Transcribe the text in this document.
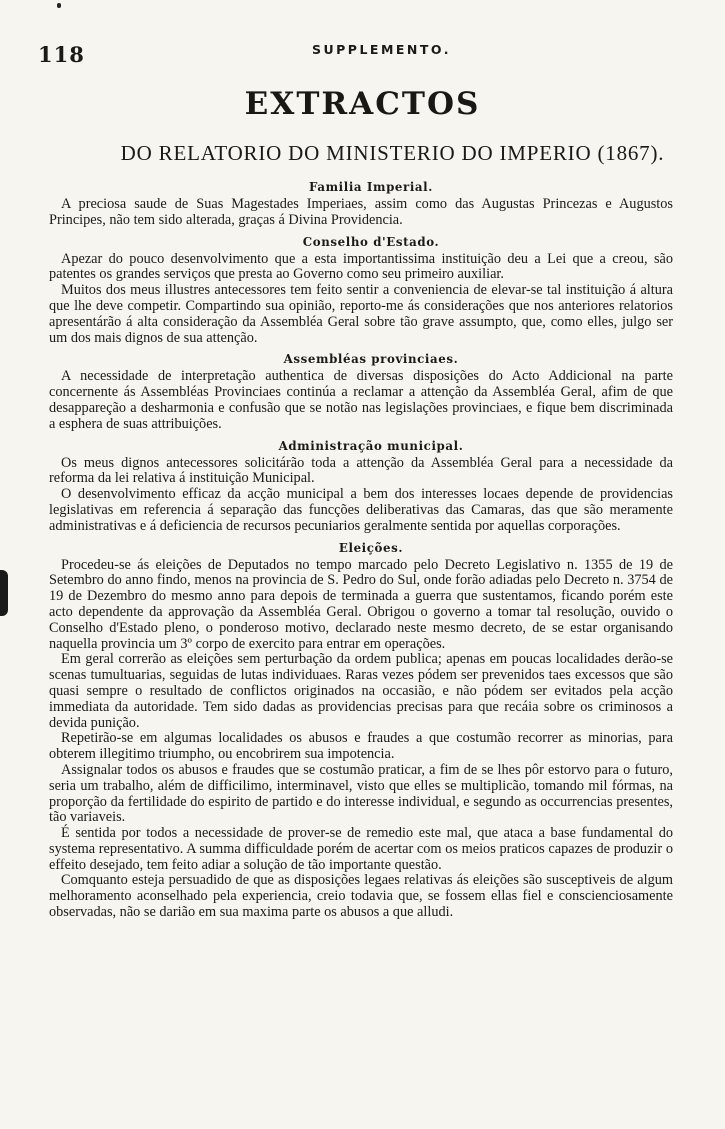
118	SUPPLEMENTO.
EXTRACTOS
DO RELATORIO DO MINISTERIO DO IMPERIO (1867).
Familia Imperial.

A preciosa saude de Suas Magestades Imperiaes, assim como das Augustas Princezas e Augustos Principes, não tem sido alterada, graças á Divina Providencia.

Conselho d'Estado.

Apezar do pouco desenvolvimento que a esta importantissima instituição deu a Lei que a creou, são patentes os grandes serviços que presta ao Governo como seu primeiro auxiliar.

Muitos dos meus illustres antecessores tem feito sentir a conveniencia de elevar-se tal instituição á altura que lhe deve competir. Compartindo sua opinião, reporto-me ás considerações que nos anteriores relatorios apresentárão á alta consideração da Assembléa Geral sobre tão grave assumpto, que, como elles, julgo ser um dos mais dignos de sua attenção.

Assembléas provinciaes.

A necessidade de interpretação authentica de diversas disposições do Acto Addicional na parte concernente ás Assembléas Provinciaes continúa a reclamar a attenção da Assembléa Geral, afim de que desappareção a desharmonia e confusão que se notão nas legislações provinciaes, e fique bem discriminada a esphera de suas attribuições.

Administração municipal.

Os meus dignos antecessores solicitárão toda a attenção da Assembléa Geral para a necessidade da reforma da lei relativa á instituição Municipal.

O desenvolvimento efficaz da acção municipal a bem dos interesses locaes depende de providencias legislativas em referencia á separação das funcções deliberativas das Camaras, das que são meramente administrativas e á deficiencia de recursos pecuniarios geralmente sentida por aquellas corporações.

Eleições.

Procedeu-se ás eleições de Deputados no tempo marcado pelo Decreto Legislativo n. 1355 de 19 de Setembro do anno findo, menos na provincia de S. Pedro do Sul, onde forão adiadas pelo Decreto n. 3754 de 19 de Dezembro do mesmo anno para depois de terminada a guerra que sustentamos, ficando porém este acto dependente da approvação da Assembléa Geral. Obrigou o governo a tomar tal resolução, ouvido o Conselho d'Estado pleno, o ponderoso motivo, declarado neste mesmo decreto, de se estar organisando naquella provincia um 3º corpo de exercito para entrar em operações.

Em geral correrão as eleições sem perturbação da ordem publica; apenas em poucas localidades derão-se scenas tumultuarias, seguidas de lutas individuaes. Raras vezes pódem ser prevenidos taes excessos que são quasi sempre o resultado de conflictos originados na occasião, e não pódem ser evitados pela acção immediata da autoridade. Tem sido dadas as providencias precisas para que recáia sobre os criminosos a devida punição.

Repetirão-se em algumas localidades os abusos e fraudes a que costumão recorrer as minorias, para obterem illegitimo triumpho, ou encobrirem sua impotencia.

Assignalar todos os abusos e fraudes que se costumão praticar, a fim de se lhes pôr estorvo para o futuro, seria um trabalho, além de difficilimo, interminavel, visto que elles se multiplicão, tomando mil fórmas, na proporção da fertilidade do espirito de partido e do interesse individual, e segundo as occurrencias presentes, tão variaveis.

É sentida por todos a necessidade de prover-se de remedio este mal, que ataca a base fundamental do systema representativo. A summa difficuldade porém de acertar com os meios praticos capazes de produzir o effeito desejado, tem feito adiar a solução de tão importante questão.

Comquanto esteja persuadido de que as disposições legaes relativas ás eleições são susceptiveis de algum melhoramento aconselhado pela experiencia, creio todavia que, se fossem ellas fiel e conscienciosamente observadas, não se darião em sua maxima parte os abusos a que alludi.
